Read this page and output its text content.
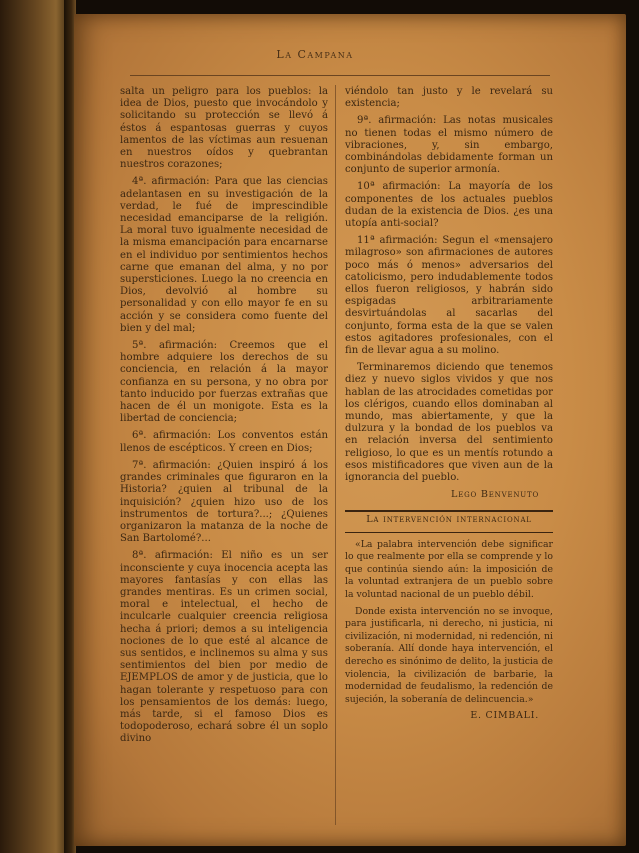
La Campana

salta un peligro para los pueblos: la idea de Dios, puesto que invocándolo y solicitando su protección se llevó á éstos á espantosas guerras y cuyos lamentos de las víctimas aun resuenan en nuestros oídos y quebrantan nuestros corazones;

4ª. afirmación: Para que las ciencias adelantasen en su investigación de la verdad, le fué de imprescindible necesidad emanciparse de la religión. La moral tuvo igualmente necesidad de la misma emancipación para encarnarse en el individuo por sentimientos hechos carne que emanan del alma, y no por supersticiones. Luego la no creencia en Dios, devolvió al hombre su personalidad y con ello mayor fe en su acción y se considera como fuente del bien y del mal;

5ª. afirmación: Creemos que el hombre adquiere los derechos de su conciencia, en relación á la mayor confianza en su persona, y no obra por tanto inducido por fuerzas extrañas que hacen de él un monigote. Esta es la libertad de conciencia;

6ª. afirmación: Los conventos están llenos de escépticos. Y creen en Dios;

7ª. afirmación: ¿Quien inspiró á los grandes criminales que figuraron en la Historia? ¿quien al tribunal de la inquisición? ¿quien hizo uso de los instrumentos de tortura?...; ¿Quienes organizaron la matanza de la noche de San Bartolomé?...

8ª. afirmación: El niño es un ser inconsciente y cuya inocencia acepta las mayores fantasías y con ellas las grandes mentiras. Es un crimen social, moral e intelectual, el hecho de inculcarle cualquier creencia religiosa hecha á priori; demos a su inteligencia nociones de lo que esté al alcance de sus sentidos, e inclinemos su alma y sus sentimientos del bien por medio de EJEMPLOS de amor y de justicia, que lo hagan tolerante y respetuoso para con los pensamientos de los demás: luego, más tarde, si el famoso Dios es todopoderoso, echará sobre él un soplo divino

viéndolo tan justo y le revelará su existencia;

9ª. afirmación: Las notas musicales no tienen todas el mismo número de vibraciones, y, sin embargo, combinándolas debidamente forman un conjunto de superior armonía.

10ª afirmación: La mayoría de los componentes de los actuales pueblos dudan de la existencia de Dios. ¿es una utopía anti-social?

11ª afirmación: Segun el «mensajero milagroso» son afirmaciones de autores poco más ó menos» adversarios del catolicismo, pero indudablemente todos ellos fueron religiosos, y habrán sido espigadas arbitrariamente desvirtuándolas al sacarlas del conjunto, forma esta de la que se valen estos agitadores profesionales, con el fin de llevar agua a su molino.

Terminaremos diciendo que tenemos diez y nuevo siglos vividos y que nos hablan de las atrocidades cometidas por los clérigos, cuando ellos dominaban al mundo, mas abiertamente, y que la dulzura y la bondad de los pueblos va en relación inversa del sentimiento religioso, lo que es un mentís rotundo a esos mistificadores que viven aun de la ignorancia del pueblo.

Lego Benvenuto
La intervención internacional

«La palabra intervención debe significar lo que realmente por ella se comprende y lo que continúa siendo aún: la imposición de la voluntad extranjera de un pueblo sobre la voluntad nacional de un pueblo débil.

Donde exista intervención no se invoque, para justificarla, ni derecho, ni justicia, ni civilización, ni modernidad, ni redención, ni soberanía. Allí donde haya intervención, el derecho es sinónimo de delito, la justicia de violencia, la civilización de barbarie, la modernidad de feudalismo, la redención de sujeción, la soberanía de delincuencia.»

E. CIMBALI.
